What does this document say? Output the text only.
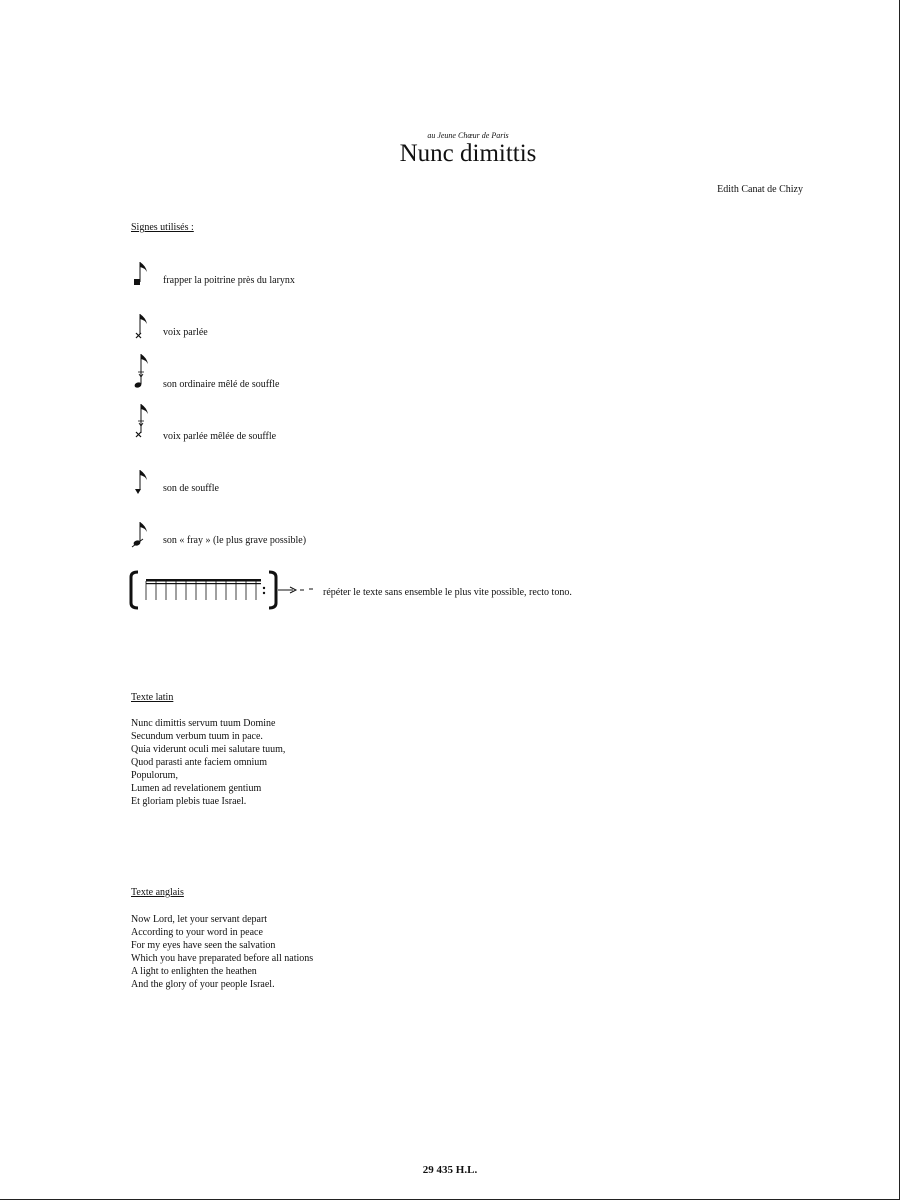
au Jeune Chœur de Paris
Nunc dimittis
Edith Canat de Chizy
Signes utilisés :
frapper la poitrine près du larynx
voix parlée
son ordinaire mêlé de souffle
voix parlée mêlée de souffle
son de souffle
son « fray » (le plus grave possible)
répéter le texte sans ensemble le plus vite possible, recto tono.
Texte latin
Nunc dimittis servum tuum Domine
Secundum verbum tuum in pace.
Quia viderunt oculi mei salutare tuum,
Quod parasti ante faciem omnium
Populorum,
Lumen ad revelationem gentium
Et gloriam plebis tuae Israel.
Texte anglais
Now Lord, let your servant depart
According to your word in peace
For my eyes have seen the salvation
Which you have preparated before all nations
A light to enlighten the heathen
And the glory of your people Israel.
29 435 H.L.
